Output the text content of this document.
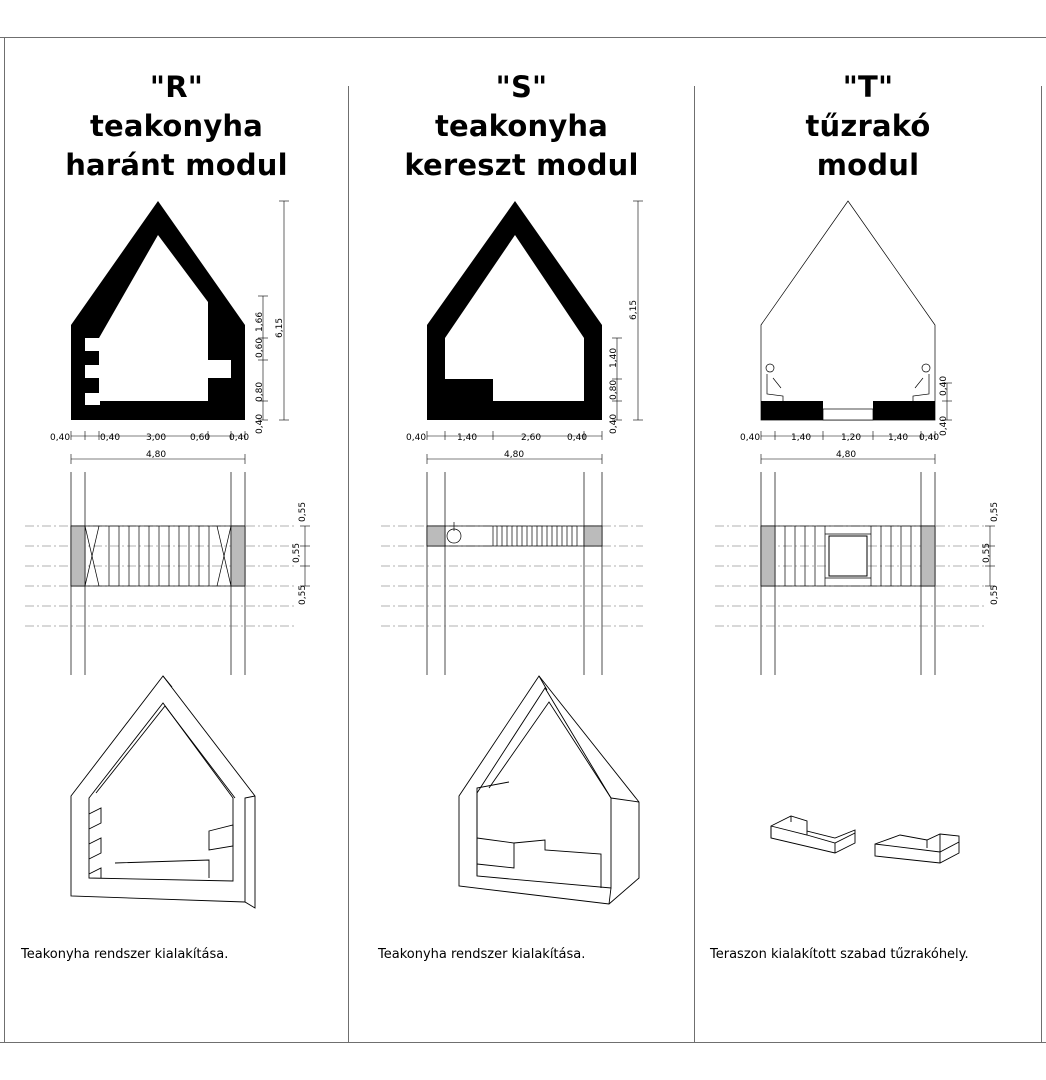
"R"
teakonyha
haránt modul
0,40	0,40	3,00	0,60 0,40
4,80
0,40
0,80
0,60
1,66 6,15
0,55
0,55
0,55
Teakonyha rendszer kialakítása.
"S"
teakonyha
kereszt modul
0,40	1,40	2,60	0,40
4,80
0,40
0,80
1,40
6,15
Teakonyha rendszer kialakítása.
"T"
tűzrakó
modul
0,40	1,40	1,20	1,40 0,40
4,80
0,40
0,40
0,55
0,55
0,55
Teraszon kialakított szabad tűzrakóhely.
